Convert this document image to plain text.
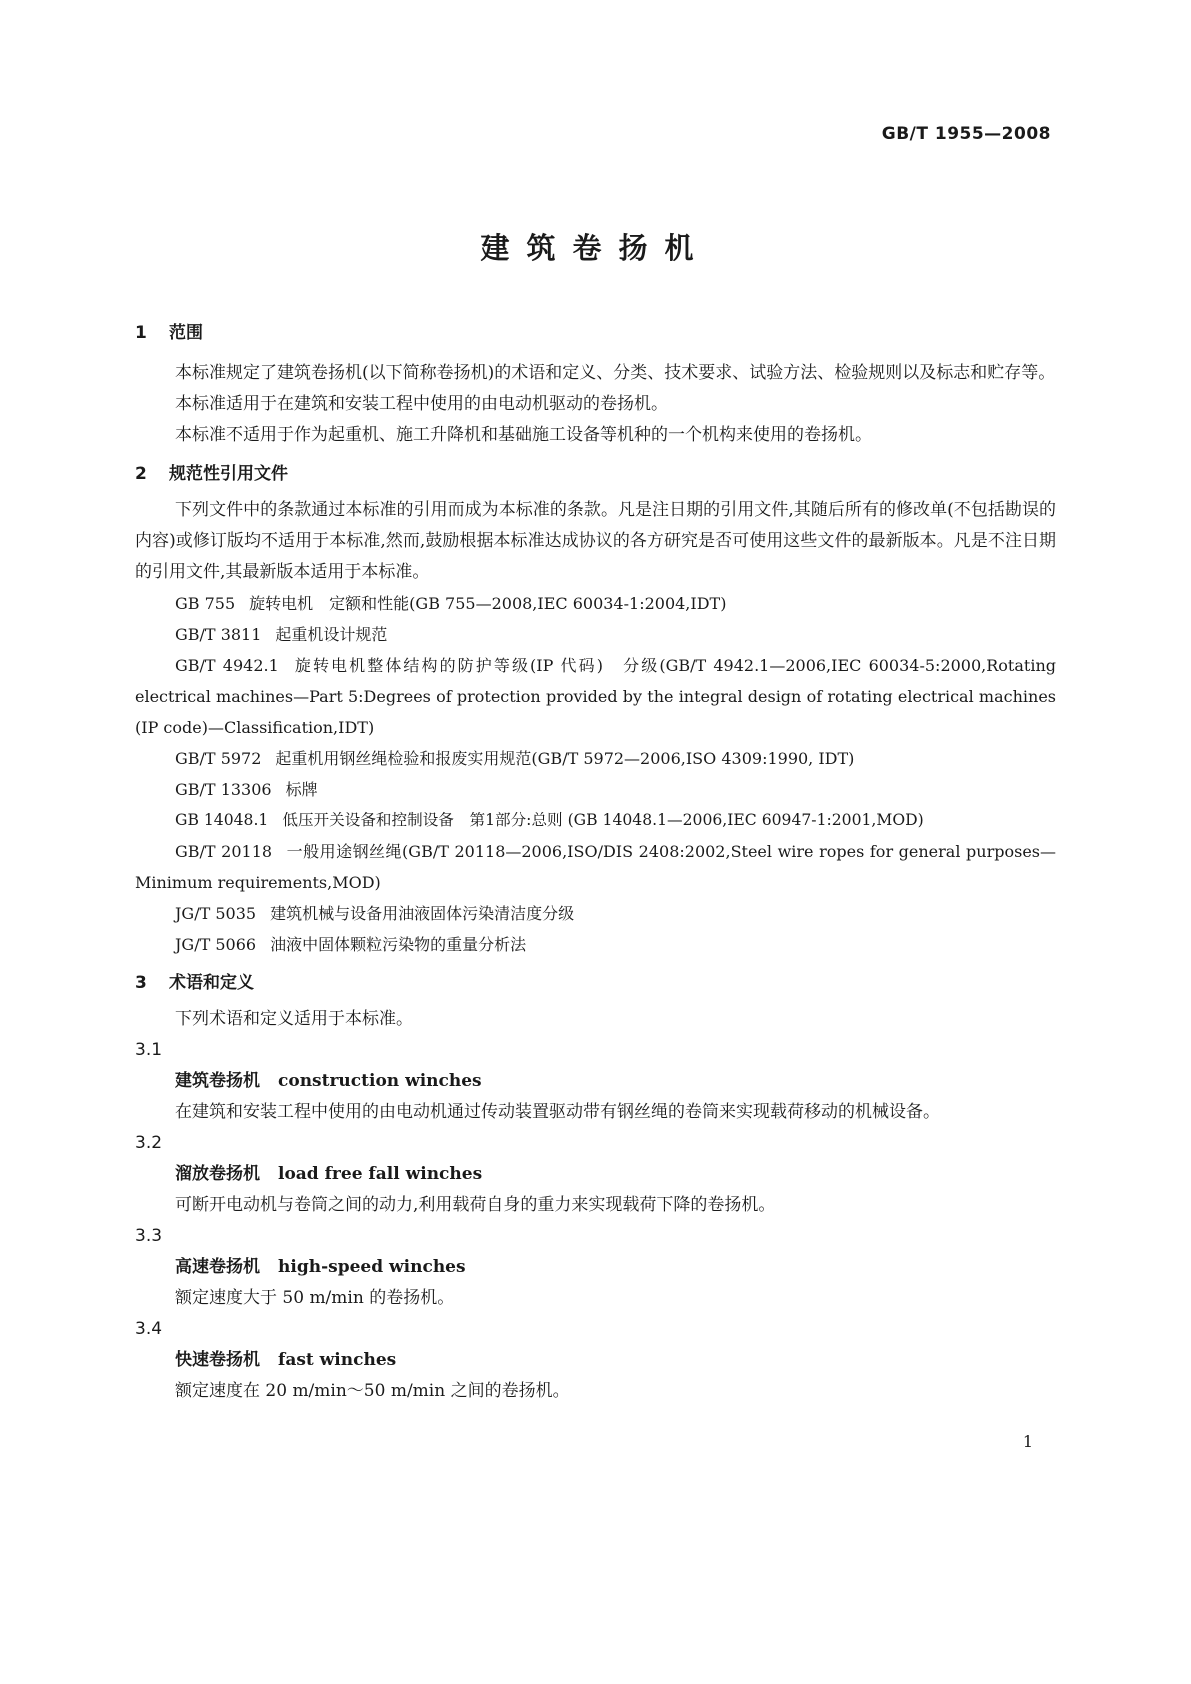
GB/T 1955—2008
建筑卷扬机
1 范围

本标准规定了建筑卷扬机(以下简称卷扬机)的术语和定义、分类、技术要求、试验方法、检验规则以及标志和贮存等。

本标准适用于在建筑和安装工程中使用的由电动机驱动的卷扬机。

本标准不适用于作为起重机、施工升降机和基础施工设备等机种的一个机构来使用的卷扬机。

2 规范性引用文件

下列文件中的条款通过本标准的引用而成为本标准的条款。凡是注日期的引用文件,其随后所有的修改单(不包括勘误的内容)或修订版均不适用于本标准,然而,鼓励根据本标准达成协议的各方研究是否可使用这些文件的最新版本。凡是不注日期的引用文件,其最新版本适用于本标准。

GB 755 旋转电机　定额和性能(GB 755—2008,IEC 60034-1:2004,IDT)

GB/T 3811 起重机设计规范

GB/T 4942.1 旋转电机整体结构的防护等级(IP 代码)　分级(GB/T 4942.1—2006,IEC 60034-5:2000,Rotating electrical machines—Part 5:Degrees of protection provided by the integral design of rotating electrical machines (IP code)—Classification,IDT)

GB/T 5972 起重机用钢丝绳检验和报废实用规范(GB/T 5972—2006,ISO 4309:1990, IDT)

GB/T 13306 标牌

GB 14048.1 低压开关设备和控制设备　第1部分:总则 (GB 14048.1—2006,IEC 60947-1:2001,MOD)

GB/T 20118 一般用途钢丝绳(GB/T 20118—2006,ISO/DIS 2408:2002,Steel wire ropes for general purposes—Minimum requirements,MOD)

JG/T 5035 建筑机械与设备用油液固体污染清洁度分级

JG/T 5066 油液中固体颗粒污染物的重量分析法

3 术语和定义

下列术语和定义适用于本标准。

3.1

建筑卷扬机 construction winches

在建筑和安装工程中使用的由电动机通过传动装置驱动带有钢丝绳的卷筒来实现载荷移动的机械设备。

3.2

溜放卷扬机 load free fall winches

可断开电动机与卷筒之间的动力,利用载荷自身的重力来实现载荷下降的卷扬机。

3.3

高速卷扬机 high-speed winches

额定速度大于 50 m/min 的卷扬机。

3.4

快速卷扬机 fast winches

额定速度在 20 m/min～50 m/min 之间的卷扬机。

1
